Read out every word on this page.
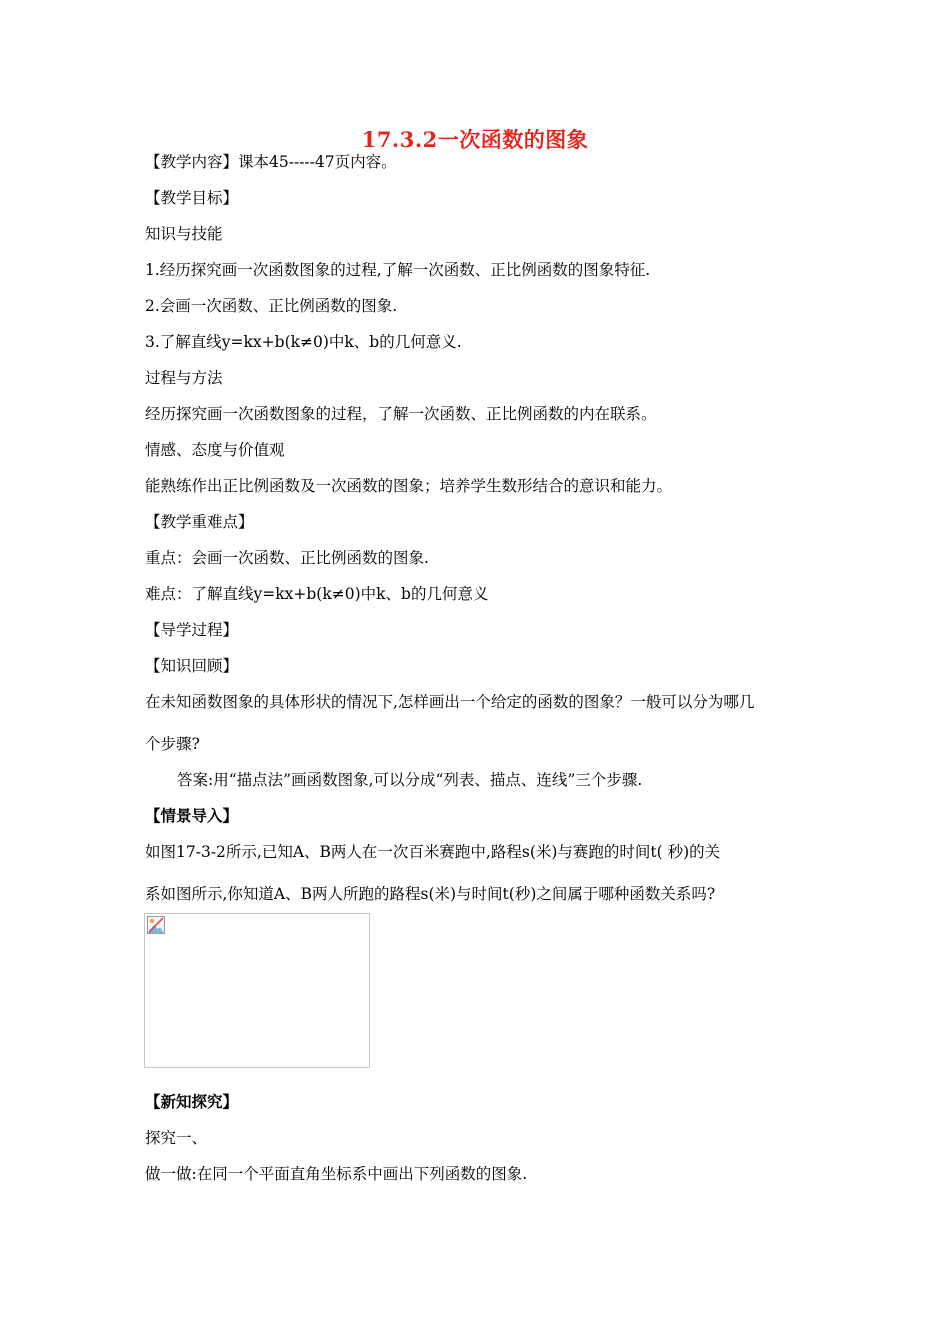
17.3.2一次函数的图象
【教学内容】课本45-----47页内容。
【教学目标】
知识与技能
1.经历探究画一次函数图象的过程,了解一次函数、正比例函数的图象特征.
2.会画一次函数、正比例函数的图象.
3.了解直线y=kx+b(k≠0)中k、b的几何意义.
过程与方法
经历探究画一次函数图象的过程，了解一次函数、正比例函数的内在联系。
情感、态度与价值观
能熟练作出正比例函数及一次函数的图象；培养学生数形结合的意识和能力。
【教学重难点】
重点：会画一次函数、正比例函数的图象.
难点：了解直线y=kx+b(k≠0)中k、b的几何意义
【导学过程】
【知识回顾】
在未知函数图象的具体形状的情况下,怎样画出一个给定的函数的图象？一般可以分为哪几
个步骤?
答案:用“描点法”画函数图象,可以分成“列表、描点、连线”三个步骤.
【情景导入】
如图17-3-2所示,已知A、B两人在一次百米赛跑中,路程s(米)与赛跑的时间t( 秒)的关
系如图所示,你知道A、B两人所跑的路程s(米)与时间t(秒)之间属于哪种函数关系吗?
【新知探究】
探究一、
做一做:在同一个平面直角坐标系中画出下列函数的图象.
